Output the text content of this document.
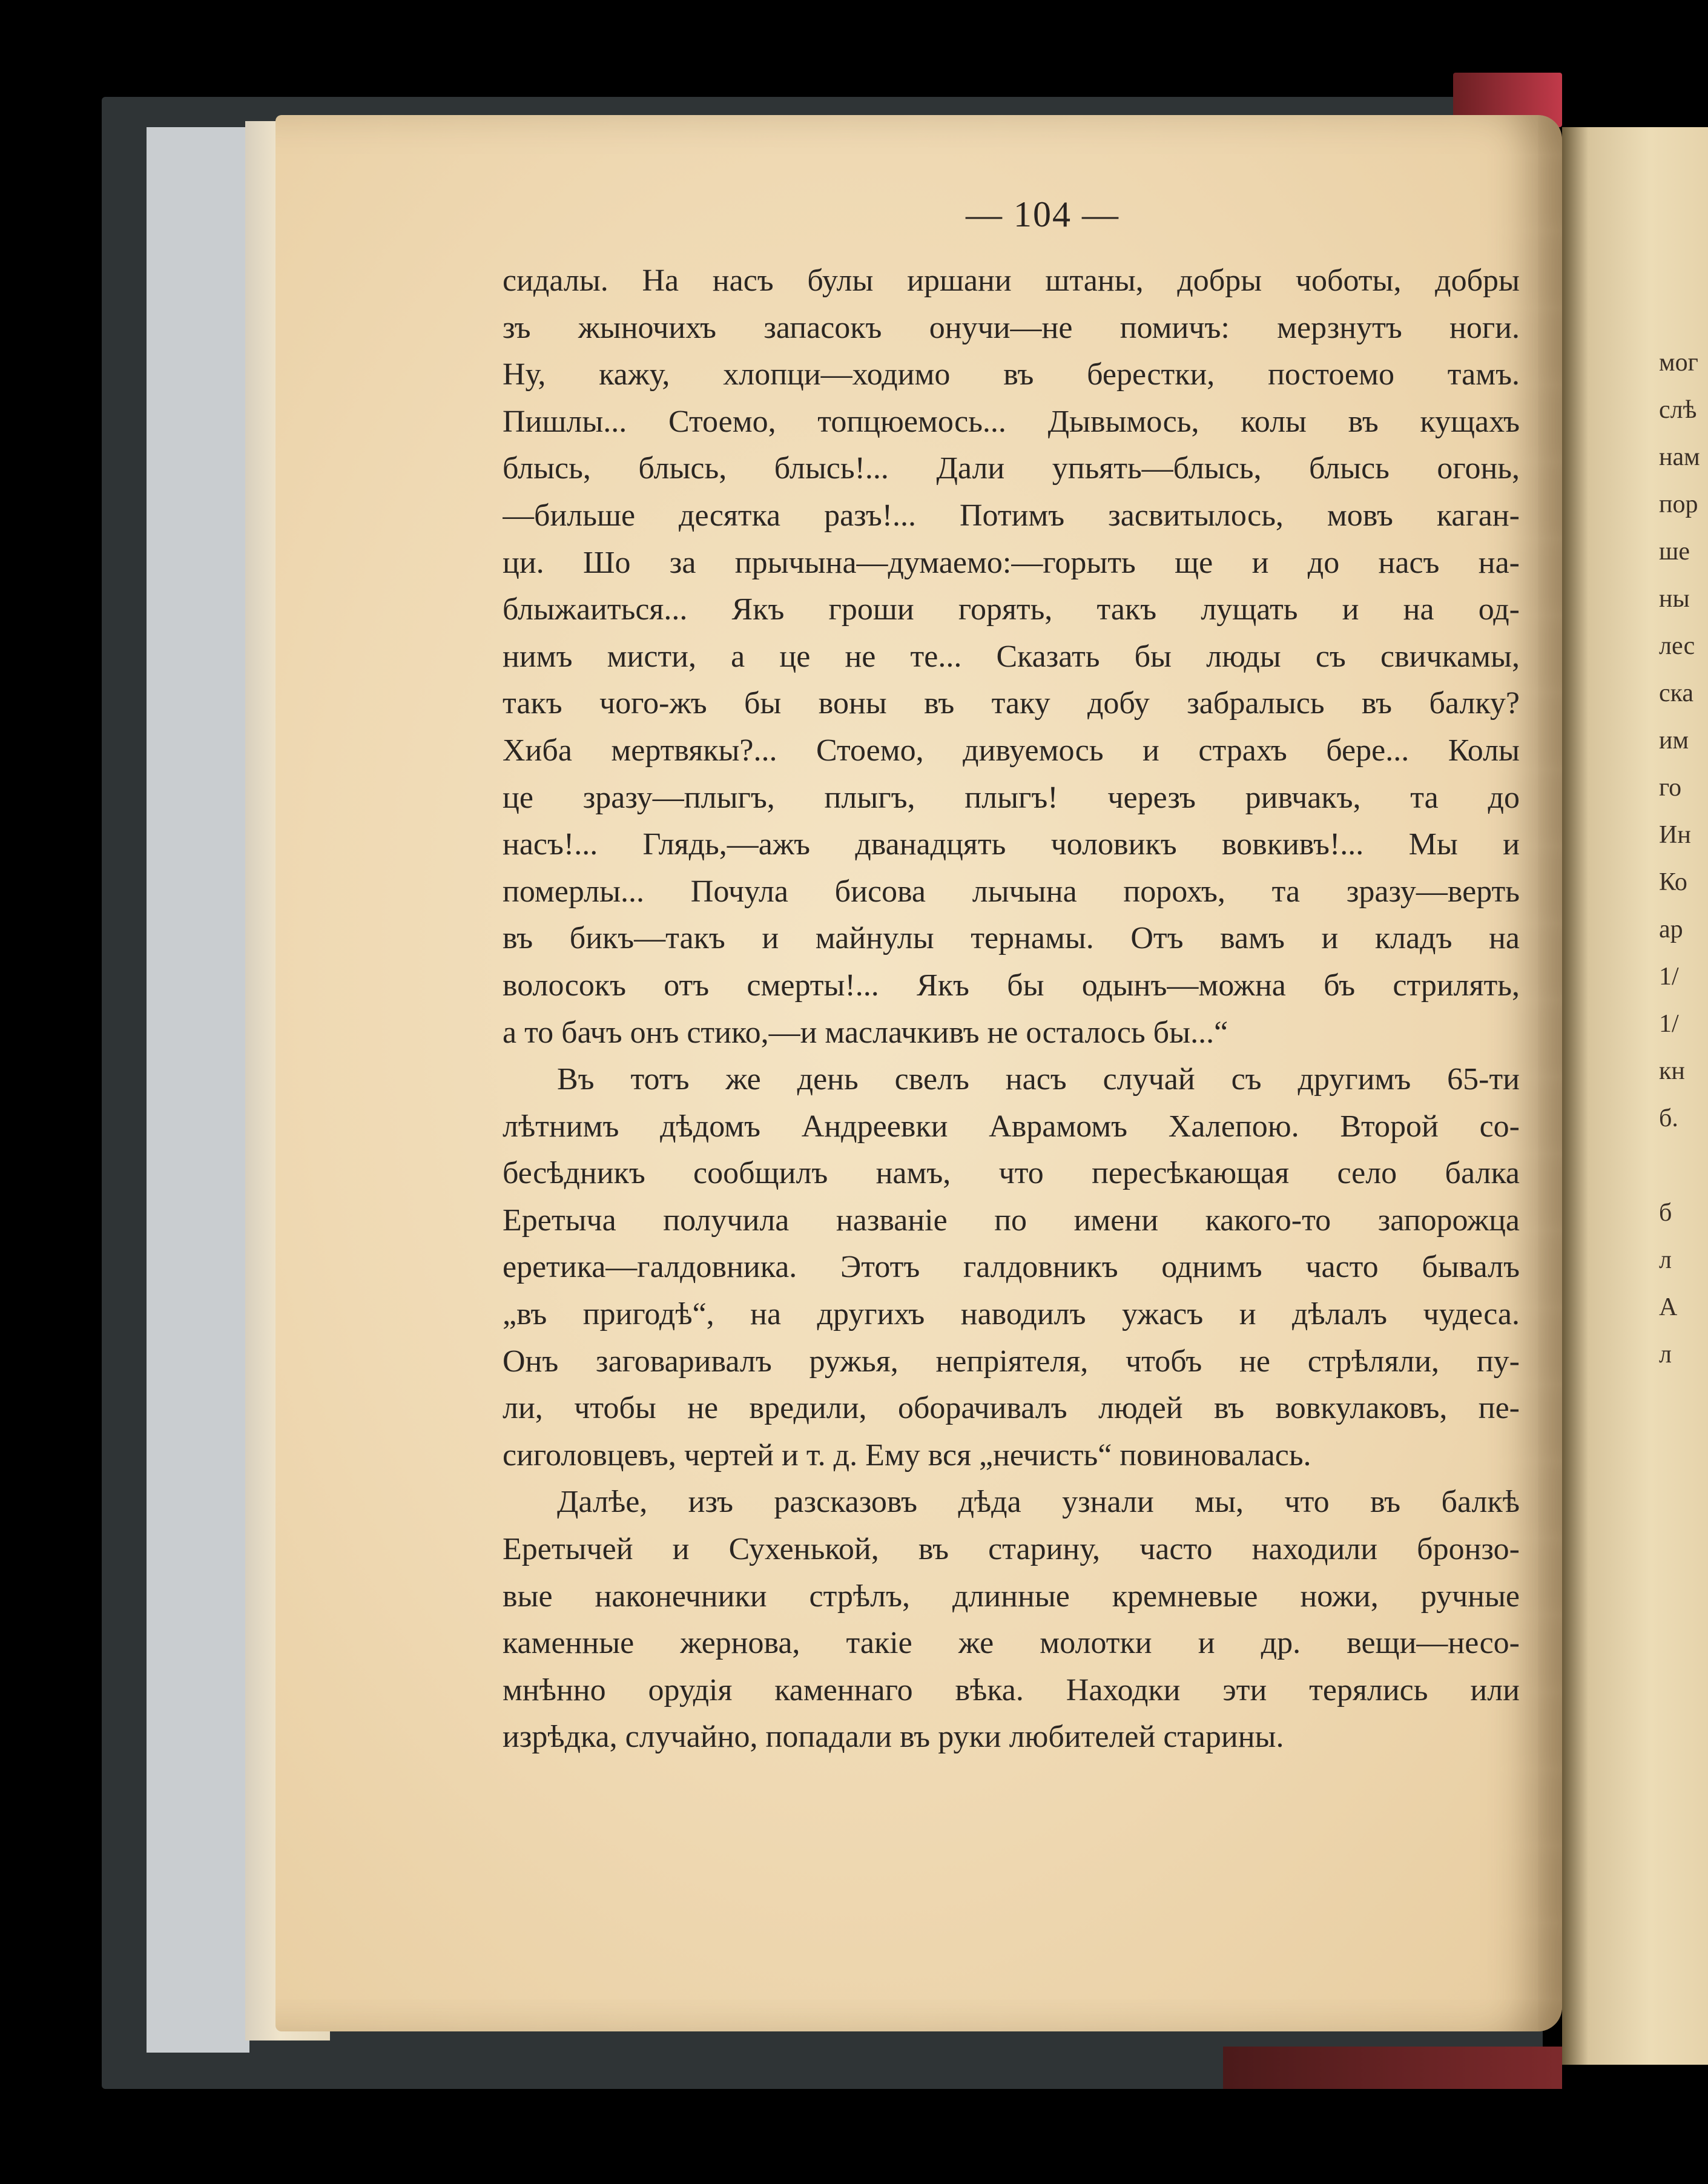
— 104 —
сидалы. На насъ булы иршани штаны, добры чоботы, добры
зъ жыночихъ запасокъ онучи—не помичъ: мерзнутъ ноги.
Ну, кажу, хлопци—ходимо въ берестки, постоемо тамъ.
Пишлы... Стоемо, топцюемось... Дывымось, колы въ кущахъ
блысь, блысь, блысь!... Дали упьять—блысь, блысь огонь,
—бильше десятка разъ!... Потимъ засвитылось, мовъ каган-
ци. Шо за прычына—думаемо:—горыть ще и до насъ на-
блыжаиться... Якъ гроши горять, такъ лущать и на од-
нимъ мисти, а це не те... Сказать бы люды съ свичкамы,
такъ чого-жъ бы воны въ таку добу забралысь въ балку?
Хиба мертвякы?... Стоемо, дивуемось и страхъ бере... Колы
це зразу—плыгъ, плыгъ, плыгъ! черезъ ривчакъ, та до
насъ!... Глядь,—ажъ дванадцять чоловикъ вовкивъ!... Мы и
померлы... Почула бисова лычына порохъ, та зразу—верть
въ бикъ—такъ и майнулы тернамы. Отъ вамъ и кладъ на
волосокъ отъ смерты!... Якъ бы одынъ—можна бъ стрилять,
а то бачъ онъ стико,—и маслачкивъ не осталось бы...“
Въ тотъ же день свелъ насъ случай съ другимъ 65-ти
лѣтнимъ дѣдомъ Андреевки Аврамомъ Халепою. Второй со-
бесѣдникъ сообщилъ намъ, что пересѣкающая село балка
Еретыча получила названіе по имени какого-то запорожца
еретика—галдовника. Этотъ галдовникъ однимъ часто бывалъ
„въ пригодѣ“, на другихъ наводилъ ужасъ и дѣлалъ чудеса.
Онъ заговаривалъ ружья, непріятеля, чтобъ не стрѣляли, пу-
ли, чтобы не вредили, оборачивалъ людей въ вовкулаковъ, пе-
сиголовцевъ, чертей и т. д. Ему вся „нечисть“ повиновалась.
Далѣе, изъ разсказовъ дѣда узнали мы, что въ балкѣ
Еретычей и Сухенькой, въ старину, часто находили бронзо-
вые наконечники стрѣлъ, длинные кремневые ножи, ручные
каменные жернова, такіе же молотки и др. вещи—несо-
мнѣнно орудія каменнаго вѣка. Находки эти терялись или
изрѣдка, случайно, попадали въ руки любителей старины.
мог
слѣ
нам
пор
ше
ны
лес
ска
им
го
Ин
Ко
ар
1/
1/
кн
б.
б
л
А
л
